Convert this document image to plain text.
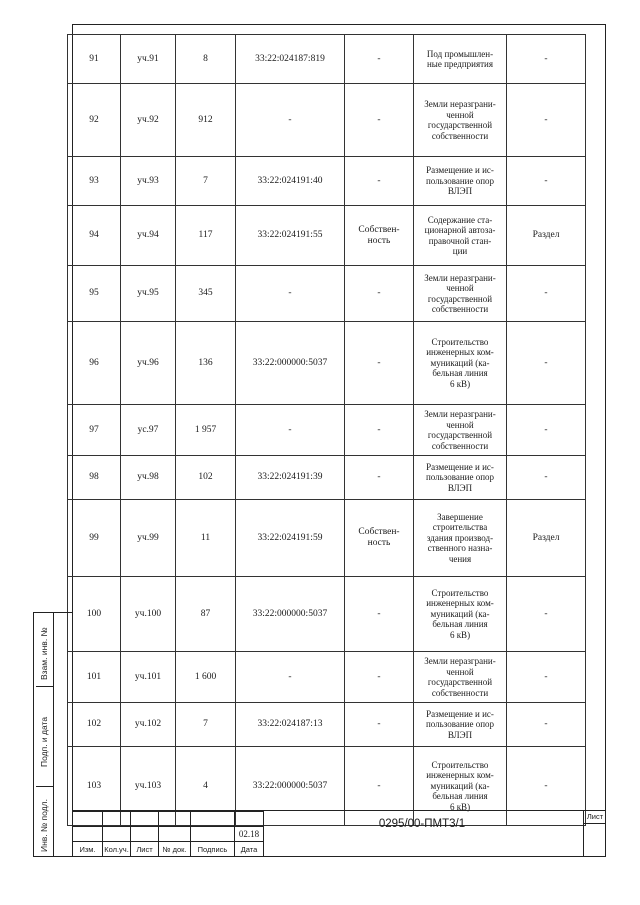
91	уч.91	8	33:22:024187:819	-	Под промышлен-
ные предприятия	-
92	уч.92	912	-	-	Земли неразграни-
ченной
государственной
собственности	-
93	уч.93	7	33:22:024191:40	-	Размещение и ис-
пользование опор
ВЛЭП	-
94	уч.94	117	33:22:024191:55	Собствен-
ность	Содержание ста-
ционарной автоза-
правочной стан-
ции	Раздел
95	уч.95	345	-	-	Земли неразграни-
ченной
государственной
собственности	-
96	уч.96	136	33:22:000000:5037	-	Строительство
инженерных ком-
муникаций (ка-
бельная линия
6 кВ)	-
97	ус.97	1 957	-	-	Земли неразграни-
ченной
государственной
собственности	-
98	уч.98	102	33:22:024191:39	-	Размещение и ис-
пользование опор
ВЛЭП	-
99	уч.99	11	33:22:024191:59	Собствен-
ность	Завершение
строительства
здания производ-
ственного назна-
чения	Раздел
100	уч.100	87	33:22:000000:5037	-	Строительство
инженерных ком-
муникаций (ка-
бельная линия
6 кВ)	-
101	уч.101	1 600	-	-	Земли неразграни-
ченной
государственной
собственности	-
102	уч.102	7	33:22:024187:13	-	Размещение и ис-
пользование опор
ВЛЭП	-
103	уч.103	4	33:22:000000:5037	-	Строительство
инженерных ком-
муникаций (ка-
бельная линия
6 кВ)	-
Взам. инв. №
Подп. и дата
Инв. № подл.

						02.18
Изм.	Кол.уч.	Лист	№ док.	Подпись	Дата
0295/00-ПМТ3/1
Лист
